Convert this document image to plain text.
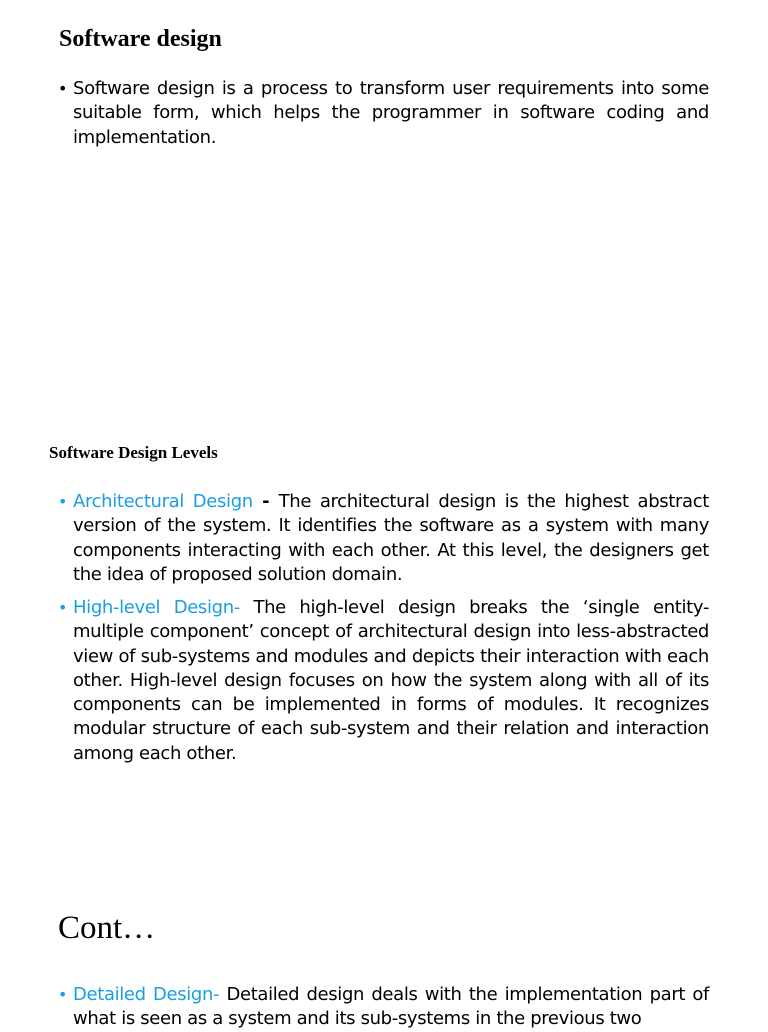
Software design
• Software design is a process to transform user requirements into some suitable form, which helps the programmer in software coding and implementation.
Software Design Levels
• Architectural Design - The architectural design is the highest abstract version of the system. It identifies the software as a system with many components interacting with each other. At this level, the designers get the idea of proposed solution domain.
• High-level Design- The high-level design breaks the ‘single entity-multiple component’ concept of architectural design into less-abstracted view of sub-systems and modules and depicts their interaction with each other. High-level design focuses on how the system along with all of its components can be implemented in forms of modules. It recognizes modular structure of each sub-system and their relation and interaction among each other.
Cont…
• Detailed Design- Detailed design deals with the implementation part of what is seen as a system and its sub-systems in the previous two
